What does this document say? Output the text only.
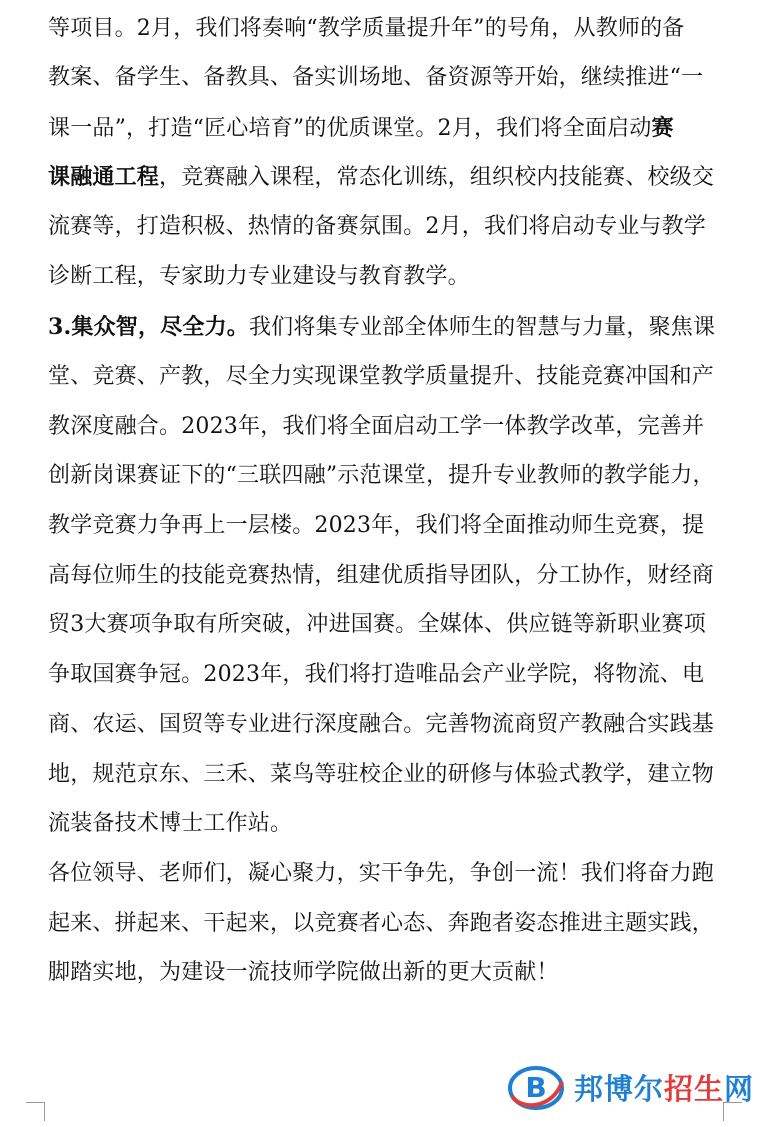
等项目。2月，我们将奏响“教学质量提升年”的号角，从教师的备
教案、备学生、备教具、备实训场地、备资源等开始，继续推进“一
课一品”，打造“匠心培育”的优质课堂。2月，我们将全面启动赛
课融通工程，竞赛融入课程，常态化训练，组织校内技能赛、校级交
流赛等，打造积极、热情的备赛氛围。2月，我们将启动专业与教学
诊断工程，专家助力专业建设与教育教学。
3.集众智，尽全力。我们将集专业部全体师生的智慧与力量，聚焦课
堂、竞赛、产教，尽全力实现课堂教学质量提升、技能竞赛冲国和产
教深度融合。2023年，我们将全面启动工学一体教学改革，完善并
创新岗课赛证下的“三联四融”示范课堂，提升专业教师的教学能力，
教学竞赛力争再上一层楼。2023年，我们将全面推动师生竞赛，提
高每位师生的技能竞赛热情，组建优质指导团队，分工协作，财经商
贸3大赛项争取有所突破，冲进国赛。全媒体、供应链等新职业赛项
争取国赛争冠。2023年，我们将打造唯品会产业学院，将物流、电
商、农运、国贸等专业进行深度融合。完善物流商贸产教融合实践基
地，规范京东、三禾、菜鸟等驻校企业的研修与体验式教学，建立物
流装备技术博士工作站。
各位领导、老师们，凝心聚力，实干争先，争创一流！我们将奋力跑
起来、拼起来、干起来，以竞赛者心态、奔跑者姿态推进主题实践，
脚踏实地，为建设一流技师学院做出新的更大贡献！
B 邦博尔招生网
